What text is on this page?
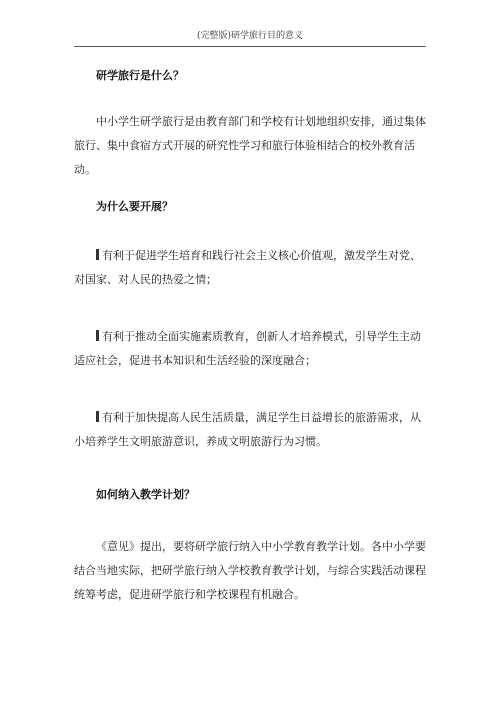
(完整版)研学旅行目的意义
研学旅行是什么？

中小学生研学旅行是由教育部门和学校有计划地组织安排，通过集体旅行、集中食宿方式开展的研究性学习和旅行体验相结合的校外教育活动。

为什么要开展？

有利于促进学生培育和践行社会主义核心价值观，激发学生对党、对国家、对人民的热爱之情；

有利于推动全面实施素质教育，创新人才培养模式，引导学生主动适应社会，促进书本知识和生活经验的深度融合；

有利于加快提高人民生活质量，满足学生日益增长的旅游需求，从小培养学生文明旅游意识，养成文明旅游行为习惯。

如何纳入教学计划？

《意见》提出，要将研学旅行纳入中小学教育教学计划。各中小学要结合当地实际，把研学旅行纳入学校教育教学计划，与综合实践活动课程统筹考虑，促进研学旅行和学校课程有机融合。
